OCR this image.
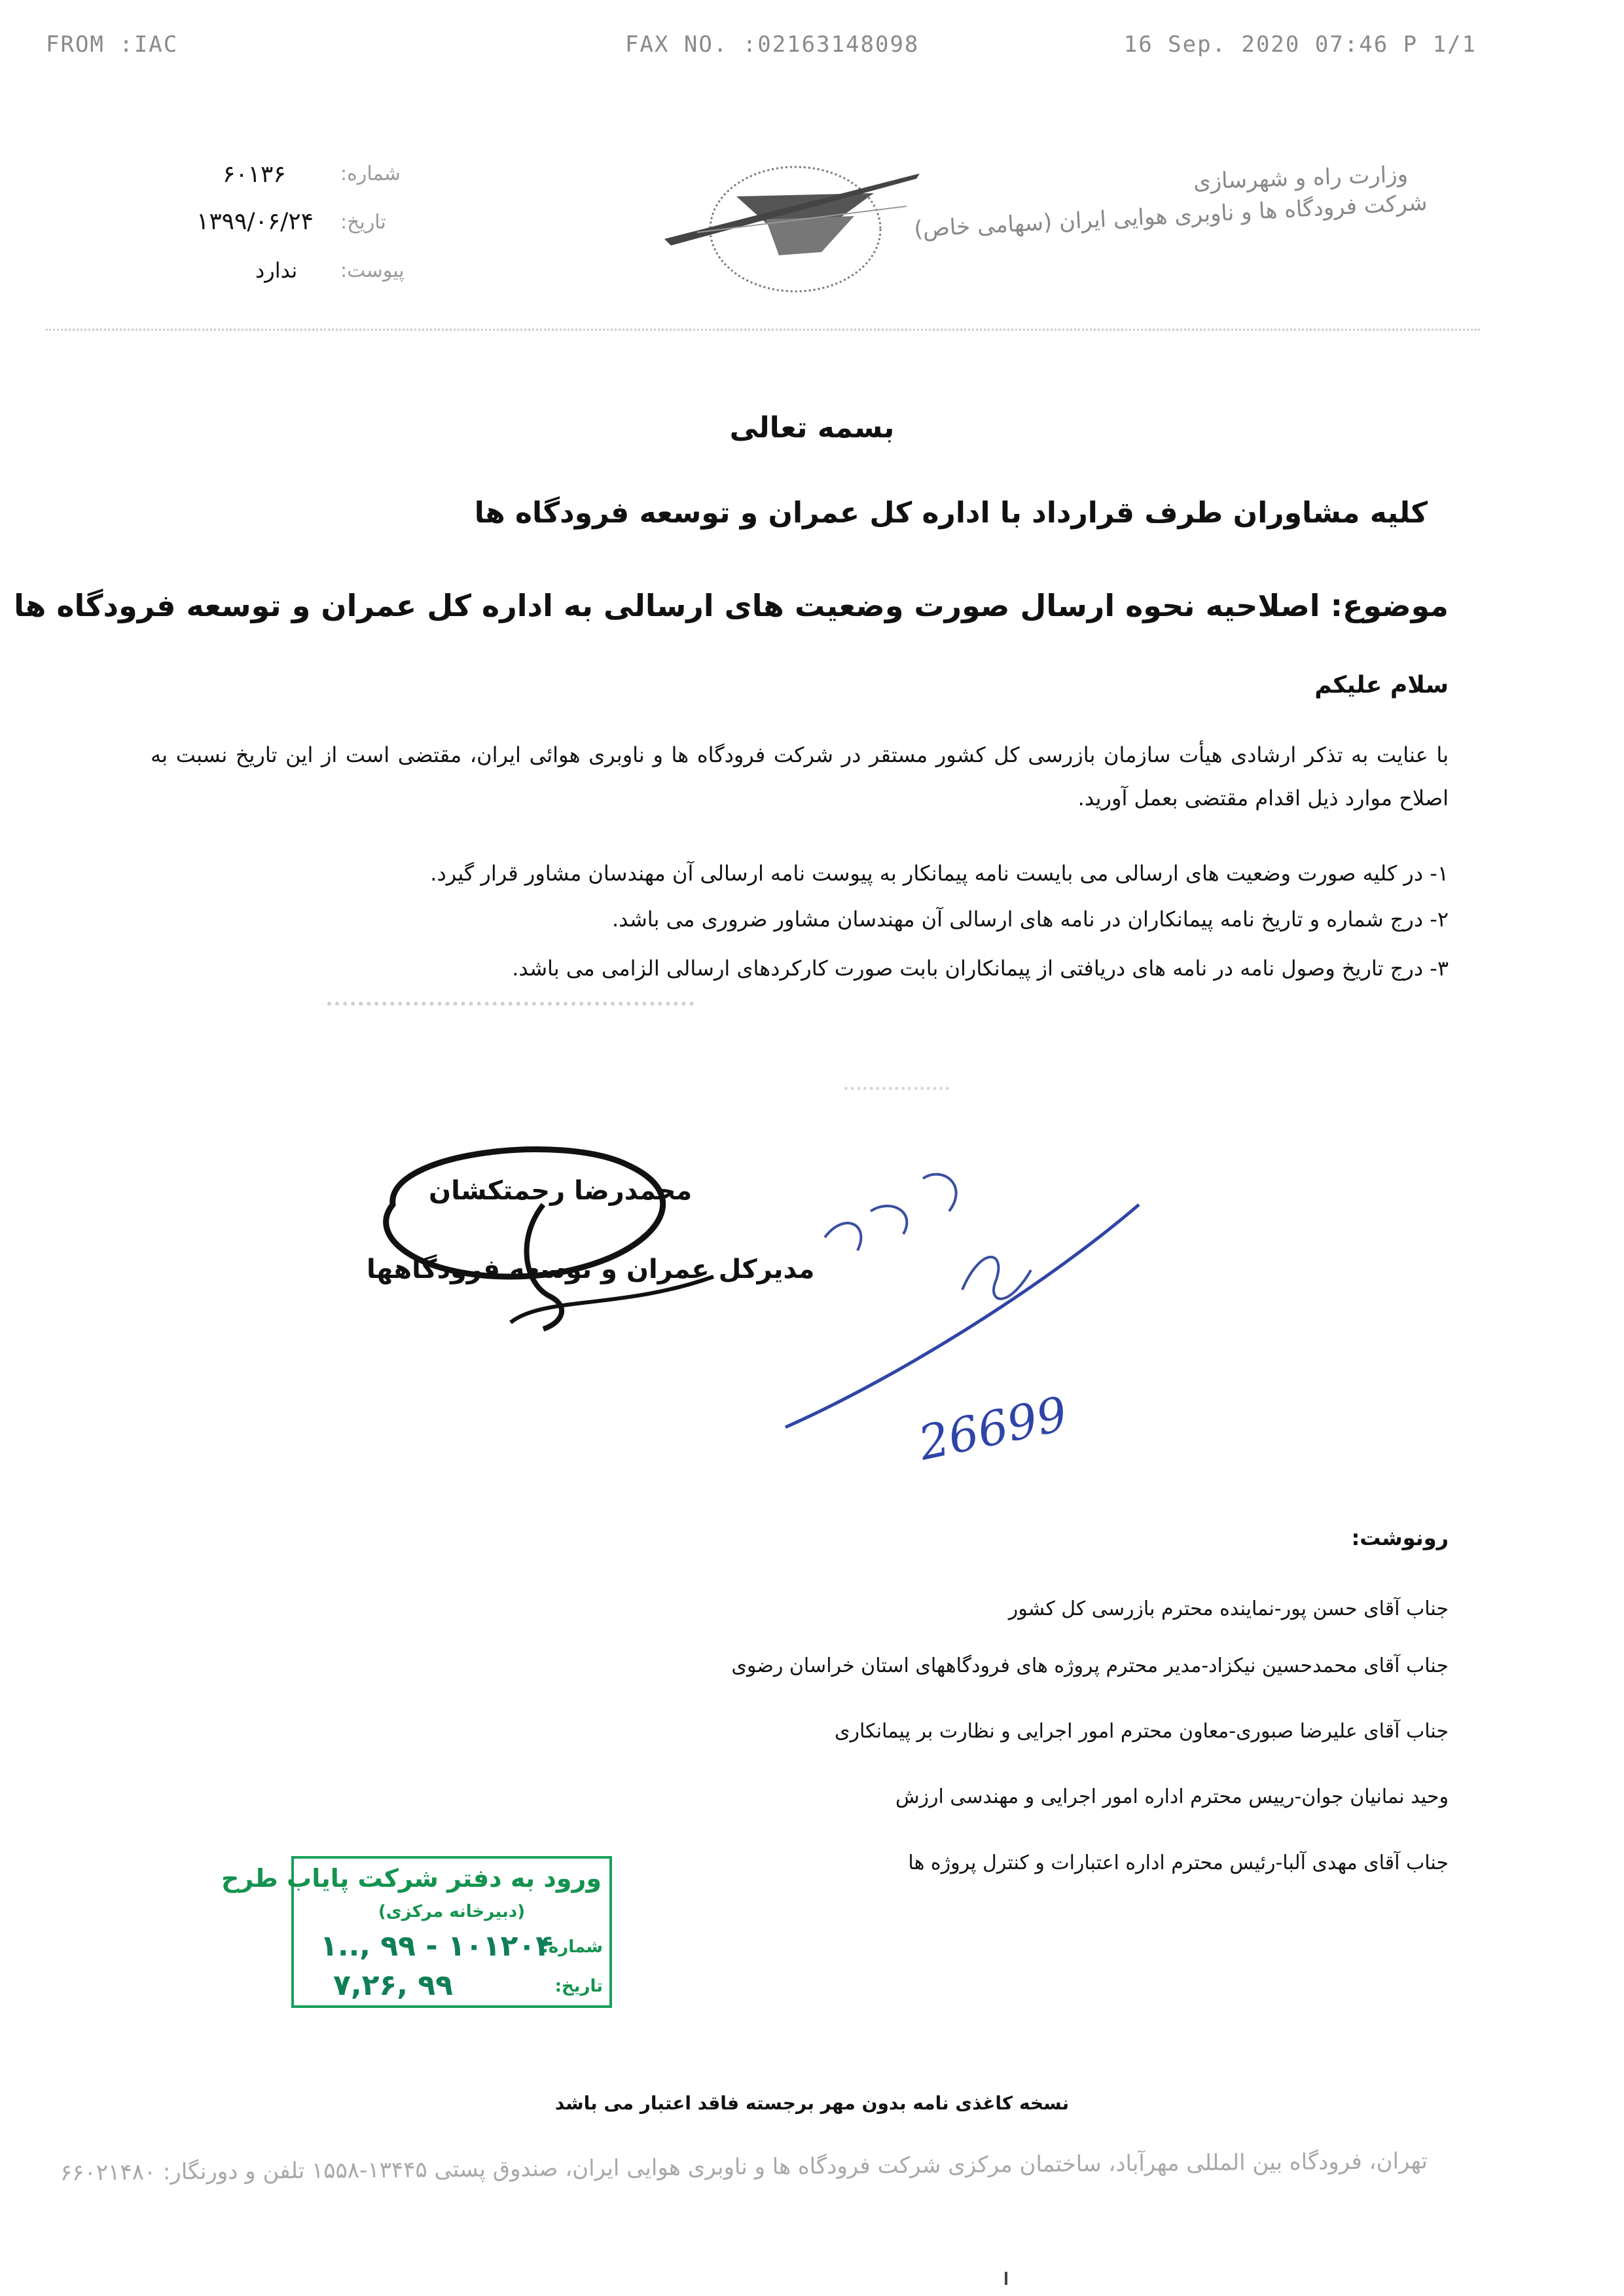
FROM :IAC	FAX NO. :02163148098	16 Sep. 2020 07:46 P 1/1
شماره:
۶۰۱۳۶
تاریخ:
۱۳۹۹/۰۶/۲۴
پیوست:
ندارد
وزارت راه و شهرسازی
شرکت فرودگاه ها و ناوبری هوایی ایران (سهامی خاص)
بسمه تعالی
کلیه مشاوران طرف قرارداد با اداره کل عمران و توسعه فرودگاه ها
موضوع: اصلاحیه نحوه ارسال صورت وضعیت های ارسالی به اداره کل عمران و توسعه فرودگاه ها
سلام علیکم
با عنایت به تذکر ارشادی هیأت سازمان بازرسی کل کشور مستقر در شرکت فرودگاه ها و ناوبری هوائی ایران، مقتضی است از این تاریخ نسبت به اصلاح موارد ذیل اقدام مقتضی بعمل آورید.
۱- در کلیه صورت وضعیت های ارسالی می بایست نامه پیمانکار به پیوست نامه ارسالی آن مهندسان مشاور قرار گیرد.
۲- درج شماره و تاریخ نامه پیمانکاران در نامه های ارسالی آن مهندسان مشاور ضروری می باشد.
۳- درج تاریخ وصول نامه در نامه های دریافتی از پیمانکاران بابت صورت کارکردهای ارسالی الزامی می باشد.
محمدرضا رحمتکشان
مدیرکل عمران و توسعه فرودگاهها
26699
رونوشت:
جناب آقای حسن پور-نماینده محترم بازرسی کل کشور
جناب آقای محمدحسین نیکزاد-مدیر محترم پروژه های فرودگاههای استان خراسان رضوی
جناب آقای علیرضا صبوری-معاون محترم امور اجرایی و نظارت بر پیمانکاری
وحید نمانیان جوان-رییس محترم اداره امور اجرایی و مهندسی ارزش
جناب آقای مهدی آلبا-رئیس محترم اداره اعتبارات و کنترل پروژه ها
ورود به دفتر شرکت پایاب طرح
(دبیرخانه مرکزی)
شماره:
۱۰۱۲۰۴ - ۹۹ ,..۱
تاریخ:
۹۹ ,۷,۲۶
نسخه کاغذی نامه بدون مهر برجسته فاقد اعتبار می باشد
تهران، فرودگاه بین المللی مهرآباد، ساختمان مرکزی شرکت فرودگاه ها و ناوبری هوایی ایران، صندوق پستی ۱۳۴۴۵-۱۵۵۸ تلفن و دورنگار: ۶۶۰۲۱۴۸۰
